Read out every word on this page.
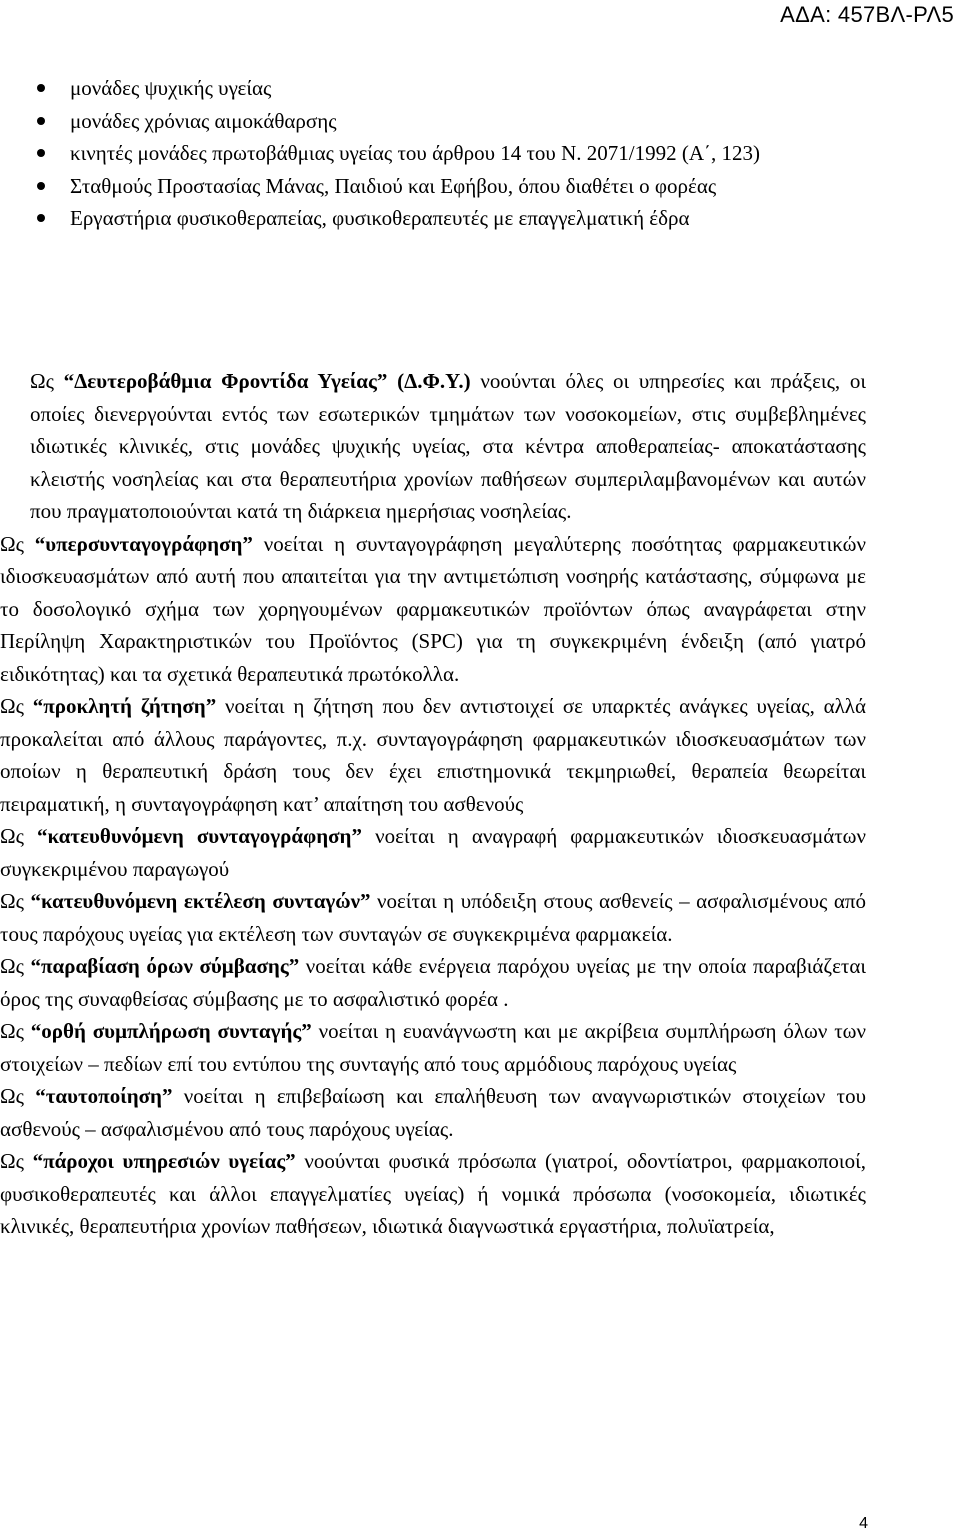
ΑΔΑ: 457ΒΛ-ΡΛ5
μονάδες ψυχικής υγείας
μονάδες χρόνιας αιμοκάθαρσης
κινητές μονάδες πρωτοβάθμιας υγείας του άρθρου 14 του Ν. 2071/1992 (Α΄, 123)
Σταθμούς Προστασίας Μάνας, Παιδιού και Εφήβου, όπου διαθέτει ο φορέας
Εργαστήρια φυσικοθεραπείας, φυσικοθεραπευτές με επαγγελματική έδρα

Ως “Δευτεροβάθμια Φροντίδα Υγείας” (Δ.Φ.Υ.) νοούνται όλες οι υπηρεσίες και πράξεις, οι οποίες διενεργούνται εντός των εσωτερικών τμημάτων των νοσοκομείων, στις συμβεβλημένες ιδιωτικές κλινικές, στις μονάδες ψυχικής υγείας, στα κέντρα αποθεραπείας- αποκατάστασης κλειστής νοσηλείας και στα θεραπευτήρια χρονίων παθήσεων συμπεριλαμβανομένων και αυτών που πραγματοποιούνται κατά τη διάρκεια ημερήσιας νοσηλείας.

Ως “υπερσυνταγογράφηση” νοείται η συνταγογράφηση μεγαλύτερης ποσότητας φαρμακευτικών ιδιοσκευασμάτων από αυτή που απαιτείται για την αντιμετώπιση νοσηρής κατάστασης, σύμφωνα με το δοσολογικό σχήμα των χορηγουμένων φαρμακευτικών προϊόντων όπως αναγράφεται στην Περίληψη Χαρακτηριστικών του Προϊόντος (SPC) για τη συγκεκριμένη ένδειξη (από γιατρό ειδικότητας) και τα σχετικά θεραπευτικά πρωτόκολλα.

Ως “προκλητή ζήτηση” νοείται η ζήτηση που δεν αντιστοιχεί σε υπαρκτές ανάγκες υγείας, αλλά προκαλείται από άλλους παράγοντες, π.χ. συνταγογράφηση φαρμακευτικών ιδιοσκευασμάτων των οποίων η θεραπευτική δράση τους δεν έχει επιστημονικά τεκμηριωθεί, θεραπεία θεωρείται πειραματική, η συνταγογράφηση κατ’ απαίτηση του ασθενούς

Ως “κατευθυνόμενη συνταγογράφηση” νοείται η αναγραφή φαρμακευτικών ιδιοσκευασμάτων συγκεκριμένου παραγωγού

Ως “κατευθυνόμενη εκτέλεση συνταγών” νοείται η υπόδειξη στους ασθενείς – ασφαλισμένους από τους παρόχους υγείας για εκτέλεση των συνταγών σε συγκεκριμένα φαρμακεία.

Ως “παραβίαση όρων σύμβασης” νοείται κάθε ενέργεια παρόχου υγείας με την οποία παραβιάζεται όρος της συναφθείσας σύμβασης με το ασφαλιστικό φορέα .

Ως “ορθή συμπλήρωση συνταγής” νοείται η ευανάγνωστη και με ακρίβεια συμπλήρωση όλων των στοιχείων – πεδίων επί του εντύπου της συνταγής από τους αρμόδιους παρόχους υγείας

Ως “ταυτοποίηση” νοείται η επιβεβαίωση και επαλήθευση των αναγνωριστικών στοιχείων του ασθενούς – ασφαλισμένου από τους παρόχους υγείας.

Ως “πάροχοι υπηρεσιών υγείας” νοούνται φυσικά πρόσωπα (γιατροί, οδοντίατροι, φαρμακοποιοί, φυσικοθεραπευτές και άλλοι επαγγελματίες υγείας) ή νομικά πρόσωπα (νοσοκομεία, ιδιωτικές κλινικές, θεραπευτήρια χρονίων παθήσεων, ιδιωτικά διαγνωστικά εργαστήρια, πολυϊατρεία,

4
